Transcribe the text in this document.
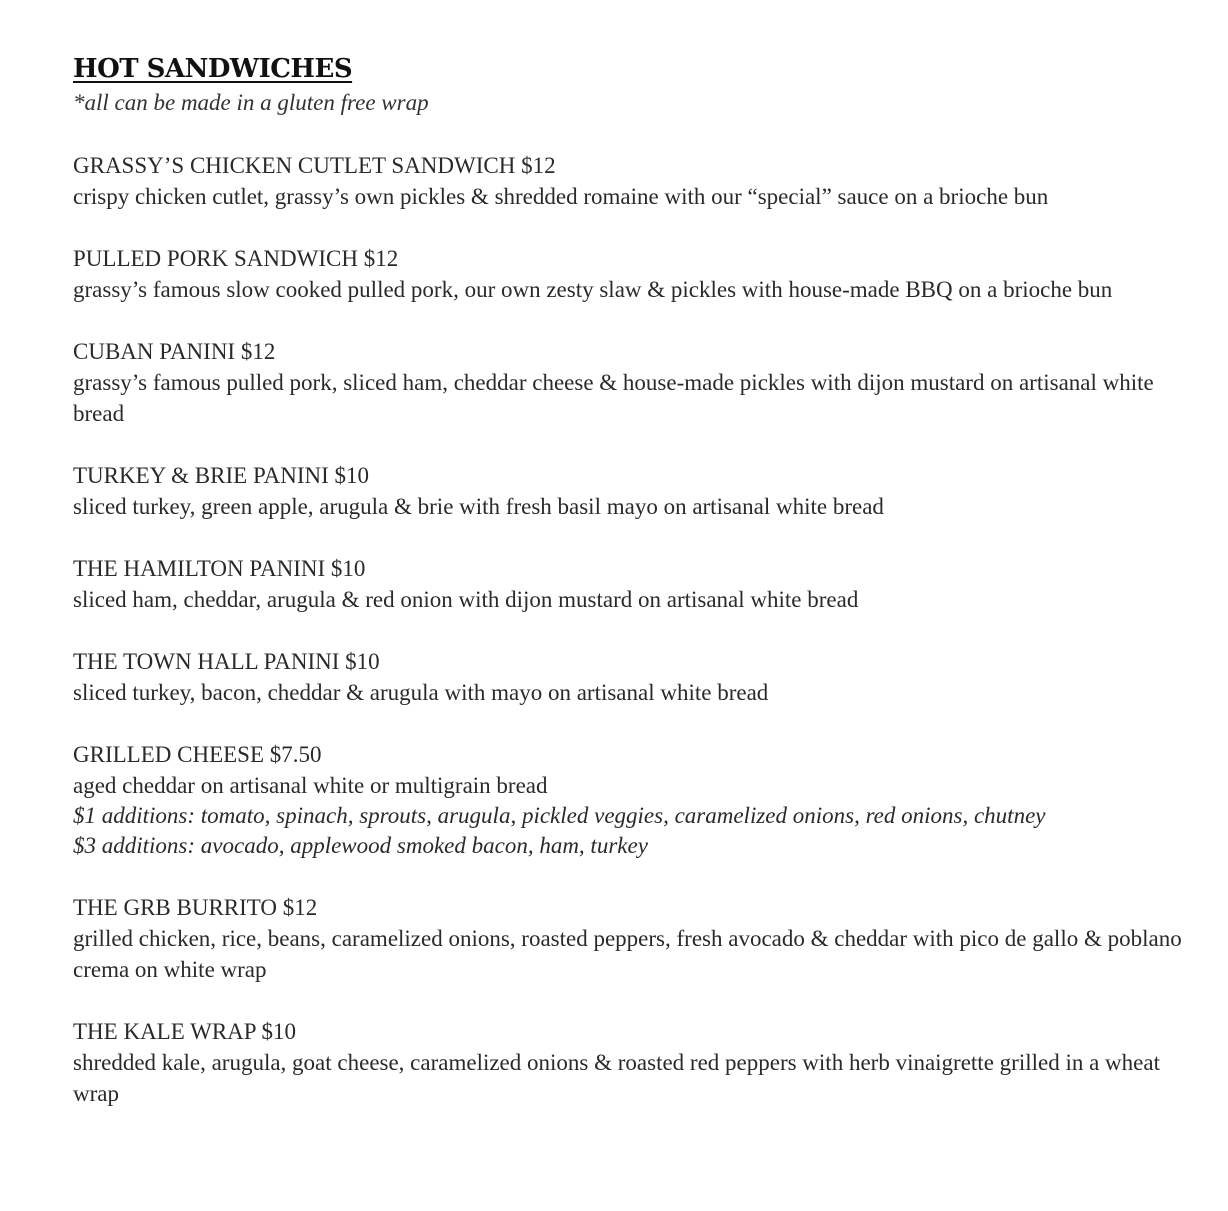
HOT SANDWICHES
*all can be made in a gluten free wrap
GRASSY’S CHICKEN CUTLET SANDWICH $12
crispy chicken cutlet, grassy’s own pickles & shredded romaine with our “special” sauce on a brioche bun
PULLED PORK SANDWICH $12
grassy’s famous slow cooked pulled pork, our own zesty slaw & pickles with house-made BBQ on a brioche bun
CUBAN PANINI $12
grassy’s famous pulled pork, sliced ham, cheddar cheese & house-made pickles with dijon mustard on artisanal white bread
TURKEY & BRIE PANINI $10
sliced turkey, green apple, arugula & brie with fresh basil mayo on artisanal white bread
THE HAMILTON PANINI $10
sliced ham, cheddar, arugula & red onion with dijon mustard on artisanal white bread
THE TOWN HALL PANINI $10
sliced turkey, bacon, cheddar & arugula with mayo on artisanal white bread
GRILLED CHEESE $7.50
aged cheddar on artisanal white or multigrain bread
$1 additions: tomato, spinach, sprouts, arugula, pickled veggies, caramelized onions, red onions, chutney
$3 additions: avocado, applewood smoked bacon, ham, turkey
THE GRB BURRITO $12
grilled chicken, rice, beans, caramelized onions, roasted peppers, fresh avocado & cheddar with pico de gallo & poblano crema on white wrap
THE KALE WRAP $10
shredded kale, arugula, goat cheese, caramelized onions & roasted red peppers with herb vinaigrette grilled in a wheat wrap
